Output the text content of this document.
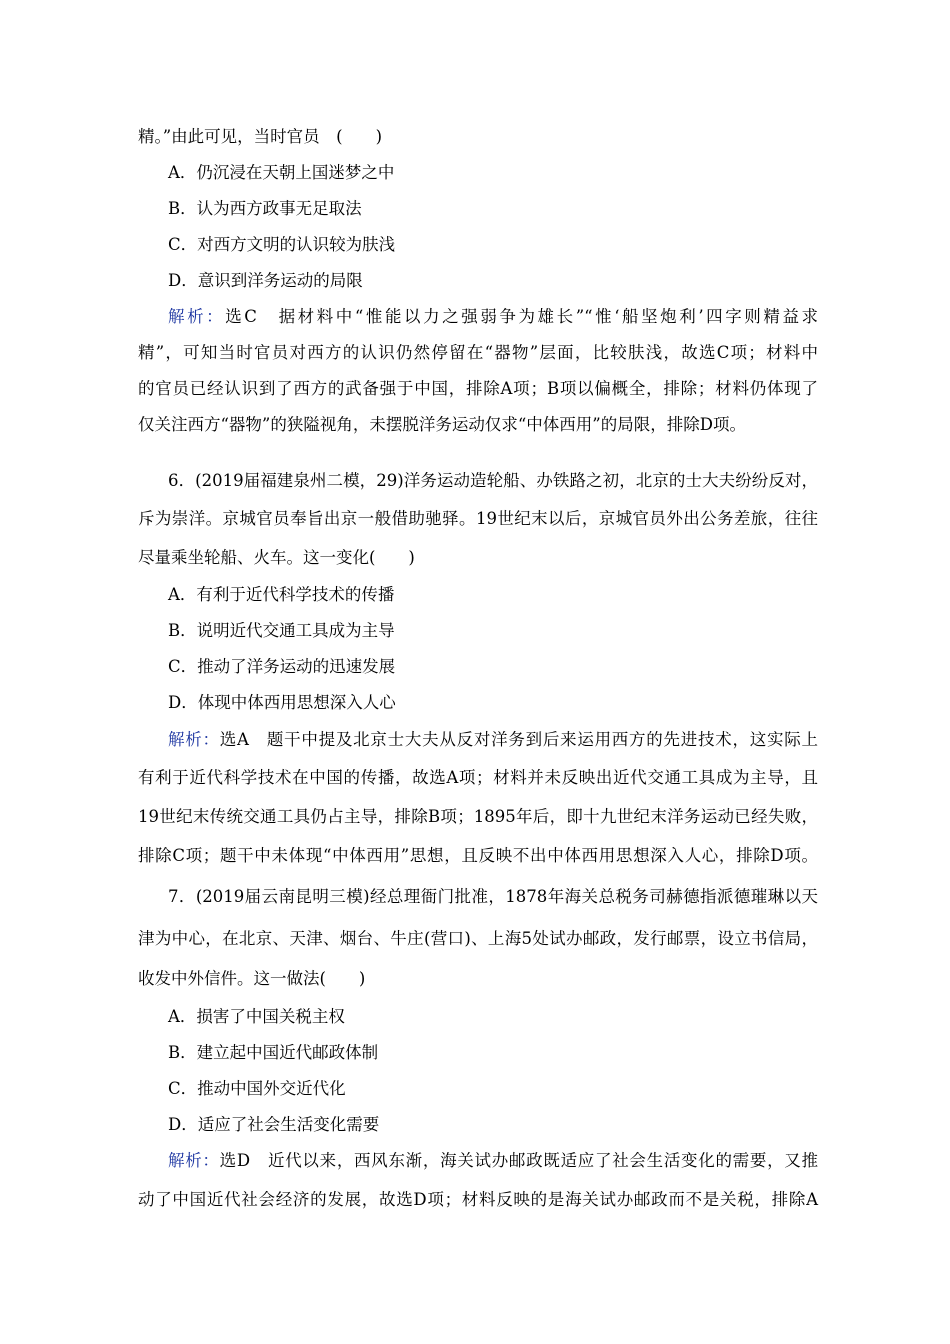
精。”由此可见，当时官员　(　　)
A．仍沉浸在天朝上国迷梦之中
B．认为西方政事无足取法
C．对西方文明的认识较为肤浅
D．意识到洋务运动的局限
解析：选C　据材料中“惟能以力之强弱争为雄长”“惟‘船坚炮利’四字则精益求
精”，可知当时官员对西方的认识仍然停留在“器物”层面，比较肤浅，故选C项；材料中
的官员已经认识到了西方的武备强于中国，排除A项；B项以偏概全，排除；材料仍体现了
仅关注西方“器物”的狭隘视角，未摆脱洋务运动仅求“中体西用”的局限，排除D项。
6．(2019届福建泉州二模，29)洋务运动造轮船、办铁路之初，北京的士大夫纷纷反对，
斥为崇洋。京城官员奉旨出京一般借助驰驿。19世纪末以后，京城官员外出公务差旅，往往
尽量乘坐轮船、火车。这一变化(　　)
A．有利于近代科学技术的传播
B．说明近代交通工具成为主导
C．推动了洋务运动的迅速发展
D．体现中体西用思想深入人心
解析：选A　题干中提及北京士大夫从反对洋务到后来运用西方的先进技术，这实际上
有利于近代科学技术在中国的传播，故选A项；材料并未反映出近代交通工具成为主导，且
19世纪末传统交通工具仍占主导，排除B项；1895年后，即十九世纪末洋务运动已经失败，
排除C项；题干中未体现“中体西用”思想，且反映不出中体西用思想深入人心，排除D项。
7．(2019届云南昆明三模)经总理衙门批准，1878年海关总税务司赫德指派德璀琳以天
津为中心，在北京、天津、烟台、牛庄(营口)、上海5处试办邮政，发行邮票，设立书信局，
收发中外信件。这一做法(　　)
A．损害了中国关税主权
B．建立起中国近代邮政体制
C．推动中国外交近代化
D．适应了社会生活变化需要
解析：选D　近代以来，西风东渐，海关试办邮政既适应了社会生活变化的需要，又推
动了中国近代社会经济的发展，故选D项；材料反映的是海关试办邮政而不是关税，排除A
